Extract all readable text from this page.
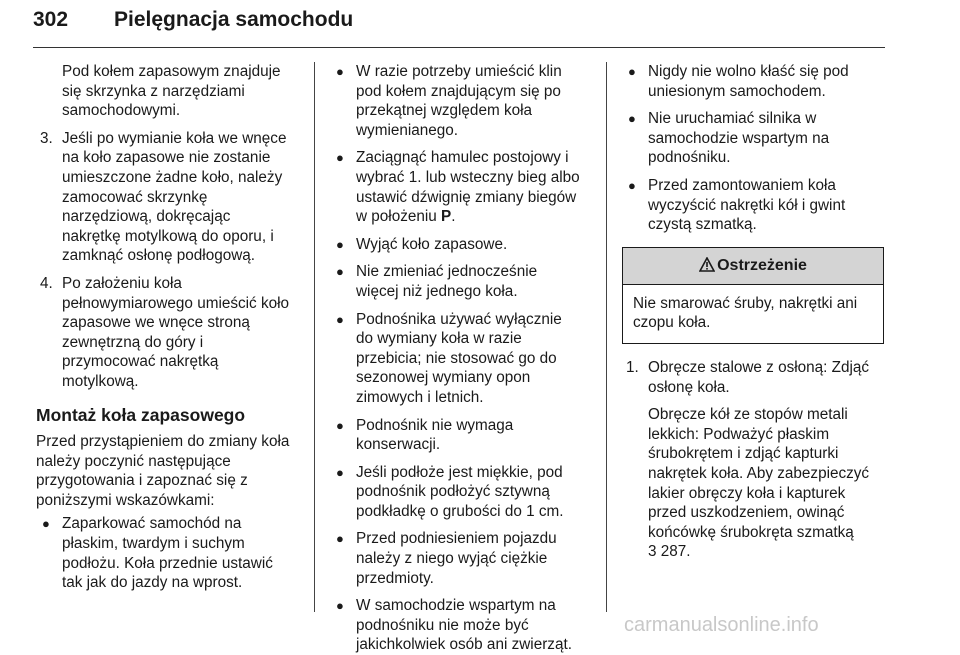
302 Pielęgnacja samochodu

Pod kołem zapasowym znajduje

się skrzynka z narzędziami

samochodowymi.

3. Jeśli po wymianie koła we wnęce

na koło zapasowe nie zostanie

umieszczone żadne koło, należy

zamocować skrzynkę

narzędziową, dokręcając

nakrętkę motylkową do oporu, i

zamknąć osłonę podłogową.

4. Po założeniu koła

pełnowymiarowego umieścić koło

zapasowe we wnęce stroną

zewnętrzną do góry i

przymocować nakrętką

motylkową.

Montaż koła zapasowego

Przed przystąpieniem do zmiany koła

należy poczynić następujące

przygotowania i zapoznać się z

poniższymi wskazówkami:

● Zaparkować samochód na

płaskim, twardym i suchym

podłożu. Koła przednie ustawić

tak jak do jazdy na wprost.

● W razie potrzeby umieścić klin

pod kołem znajdującym się po

przekątnej względem koła

wymienianego.

● Zaciągnąć hamulec postojowy i

wybrać 1. lub wsteczny bieg albo

ustawić dźwignię zmiany biegów

w położeniu P.

● Wyjąć koło zapasowe.

● Nie zmieniać jednocześnie

więcej niż jednego koła.

● Podnośnika używać wyłącznie

do wymiany koła w razie

przebicia; nie stosować go do

sezonowej wymiany opon

zimowych i letnich.

● Podnośnik nie wymaga

konserwacji.

● Jeśli podłoże jest miękkie, pod

podnośnik podłożyć sztywną

podkładkę o grubości do 1 cm.

● Przed podniesieniem pojazdu

należy z niego wyjąć ciężkie

przedmioty.

● W samochodzie wspartym na

podnośniku nie może być

jakichkolwiek osób ani zwierząt.

● Nigdy nie wolno kłaść się pod

uniesionym samochodem.

● Nie uruchamiać silnika w

samochodzie wspartym na

podnośniku.

● Przed zamontowaniem koła

wyczyścić nakrętki kół i gwint

czystą szmatką.

Ostrzeżenie

Nie smarować śruby, nakrętki ani

czopu koła.

1. Obręcze stalowe z osłoną: Zdjąć

osłonę koła.

Obręcze kół ze stopów metali

lekkich: Podważyć płaskim

śrubokrętem i zdjąć kapturki

nakrętek koła. Aby zabezpieczyć

lakier obręczy koła i kapturek

przed uszkodzeniem, owinąć

końcówkę śrubokręta szmatką

3 287.

carmanualsonline.info
